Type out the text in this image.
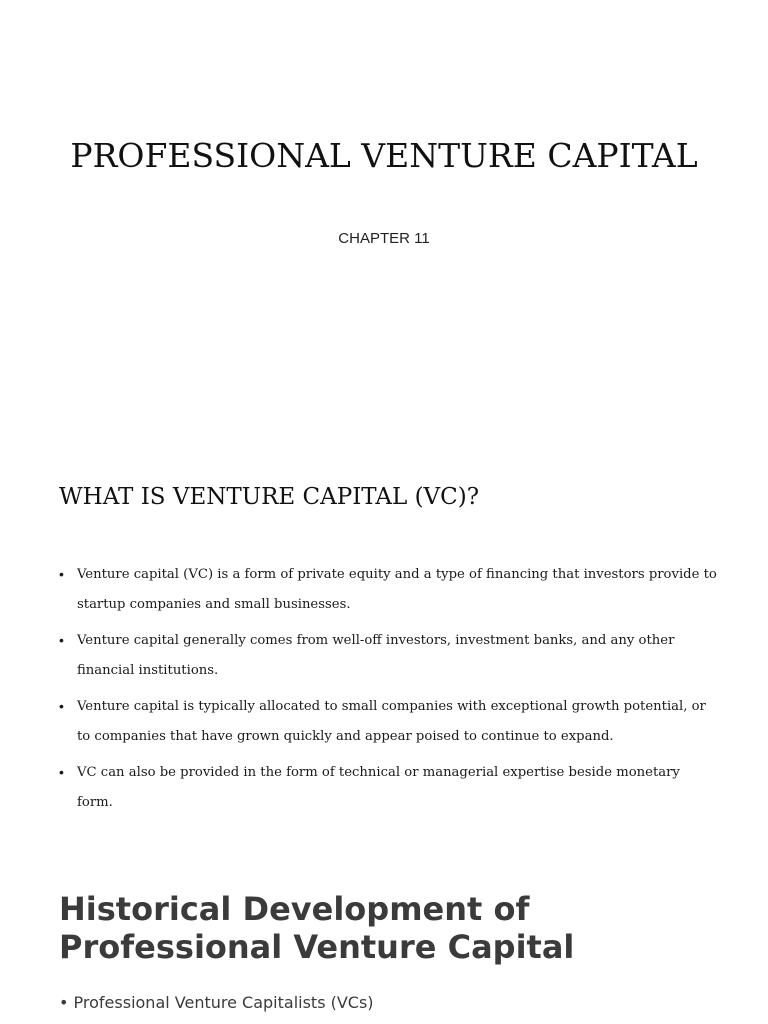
PROFESSIONAL VENTURE CAPITAL

CHAPTER 11

WHAT IS VENTURE CAPITAL (VC)?
• Venture capital (VC) is a form of private equity and a type of financing that investors provide to startup companies and small businesses.
• Venture capital generally comes from well-off investors, investment banks, and any other financial institutions.
• Venture capital is typically allocated to small companies with exceptional growth potential, or to companies that have grown quickly and appear poised to continue to expand.
• VC can also be provided in the form of technical or managerial expertise beside monetary form.
Historical Development of Professional Venture Capital

• Professional Venture Capitalists (VCs)
